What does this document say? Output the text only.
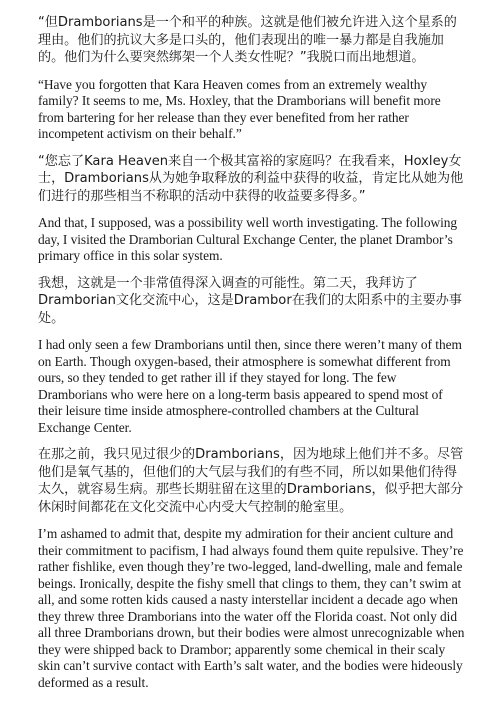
“但Dramborians是一个和平的种族。这就是他们被允许进入这个星系的理由。他们的抗议大多是口头的，他们表现出的唯一暴力都是自我施加的。他们为什么要突然绑架一个人类女性呢？”我脱口而出地想道。

“Have you forgotten that Kara Heaven comes from an extremely wealthy family? It seems to me, Ms. Hoxley, that the Dramborians will benefit more from bartering for her release than they ever benefited from her rather incompetent activism on their behalf.”

“您忘了Kara Heaven来自一个极其富裕的家庭吗？在我看来，Hoxley女士，Dramborians从为她争取释放的利益中获得的收益，肯定比从她为他们进行的那些相当不称职的活动中获得的收益要多得多。”

And that, I supposed, was a possibility well worth investigating. The following day, I visited the Dramborian Cultural Exchange Center, the planet Drambor’s primary office in this solar system.

我想，这就是一个非常值得深入调查的可能性。第二天，我拜访了Dramborian文化交流中心，这是Drambor在我们的太阳系中的主要办事处。

I had only seen a few Dramborians until then, since there weren’t many of them on Earth. Though oxygen-based, their atmosphere is somewhat different from ours, so they tended to get rather ill if they stayed for long. The few Dramborians who were here on a long-term basis appeared to spend most of their leisure time inside atmosphere-controlled chambers at the Cultural Exchange Center.

在那之前，我只见过很少的Dramborians，因为地球上他们并不多。尽管他们是氧气基的，但他们的大气层与我们的有些不同，所以如果他们待得太久，就容易生病。那些长期驻留在这里的Dramborians，似乎把大部分休闲时间都花在文化交流中心内受大气控制的舱室里。

I’m ashamed to admit that, despite my admiration for their ancient culture and their commitment to pacifism, I had always found them quite repulsive. They’re rather fishlike, even though they’re two-legged, land-dwelling, male and female beings. Ironically, despite the fishy smell that clings to them, they can’t swim at all, and some rotten kids caused a nasty interstellar incident a decade ago when they threw three Dramborians into the water off the Florida coast. Not only did all three Dramborians drown, but their bodies were almost unrecognizable when they were shipped back to Drambor; apparently some chemical in their scaly skin can’t survive contact with Earth’s salt water, and the bodies were hideously deformed as a result.
